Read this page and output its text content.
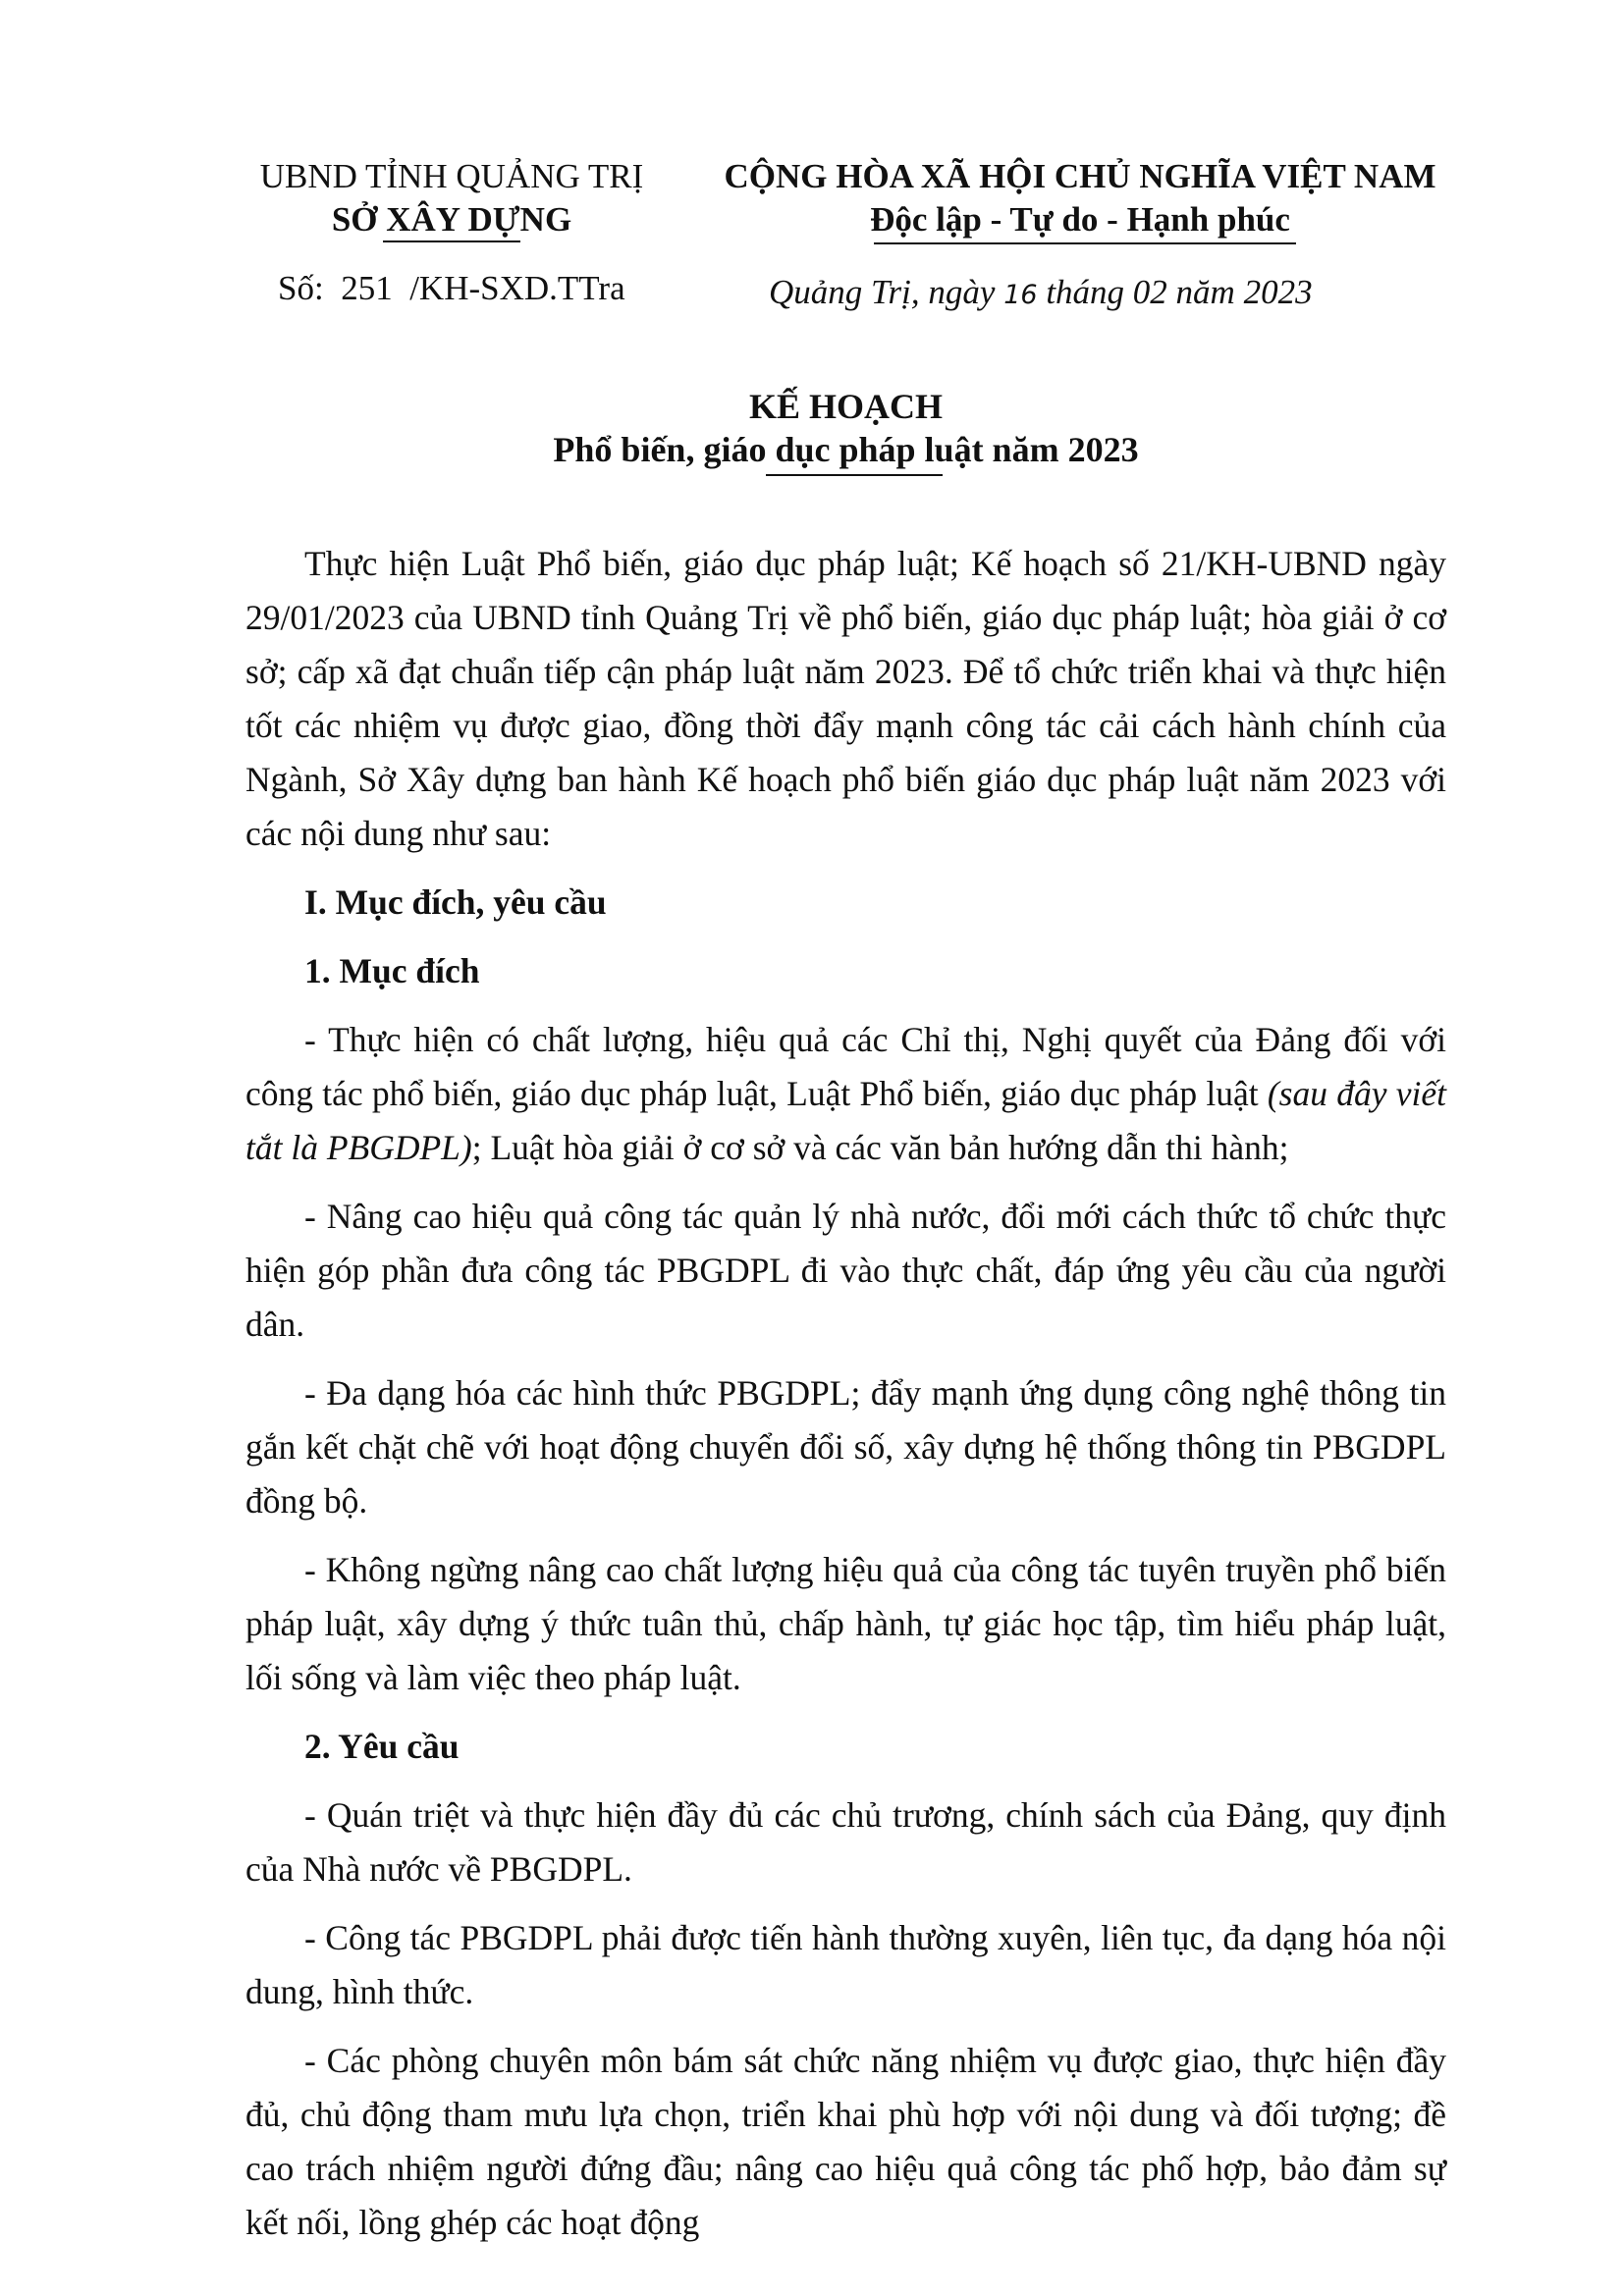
UBND TỈNH QUẢNG TRỊ
SỞ XÂY DỰNG
Số: 251 /KH-SXD.TTra
CỘNG HÒA XÃ HỘI CHỦ NGHĨA VIỆT NAM
Độc lập - Tự do - Hạnh phúc
Quảng Trị, ngày 16 tháng 02 năm 2023
KẾ HOẠCH
Phổ biến, giáo dục pháp luật năm 2023

Thực hiện Luật Phổ biến, giáo dục pháp luật; Kế hoạch số 21/KH-UBND ngày 29/01/2023 của UBND tỉnh Quảng Trị về phổ biến, giáo dục pháp luật; hòa giải ở cơ sở; cấp xã đạt chuẩn tiếp cận pháp luật năm 2023. Để tổ chức triển khai và thực hiện tốt các nhiệm vụ được giao, đồng thời đẩy mạnh công tác cải cách hành chính của Ngành, Sở Xây dựng ban hành Kế hoạch phổ biến giáo dục pháp luật năm 2023 với các nội dung như sau:

I. Mục đích, yêu cầu

1. Mục đích

- Thực hiện có chất lượng, hiệu quả các Chỉ thị, Nghị quyết của Đảng đối với công tác phổ biến, giáo dục pháp luật, Luật Phổ biến, giáo dục pháp luật (sau đây viết tắt là PBGDPL); Luật hòa giải ở cơ sở và các văn bản hướng dẫn thi hành;

- Nâng cao hiệu quả công tác quản lý nhà nước, đổi mới cách thức tổ chức thực hiện góp phần đưa công tác PBGDPL đi vào thực chất, đáp ứng yêu cầu của người dân.

- Đa dạng hóa các hình thức PBGDPL; đẩy mạnh ứng dụng công nghệ thông tin gắn kết chặt chẽ với hoạt động chuyển đổi số, xây dựng hệ thống thông tin PBGDPL đồng bộ.

- Không ngừng nâng cao chất lượng hiệu quả của công tác tuyên truyền phổ biến pháp luật, xây dựng ý thức tuân thủ, chấp hành, tự giác học tập, tìm hiểu pháp luật, lối sống và làm việc theo pháp luật.

2. Yêu cầu

- Quán triệt và thực hiện đầy đủ các chủ trương, chính sách của Đảng, quy định của Nhà nước về PBGDPL.

- Công tác PBGDPL phải được tiến hành thường xuyên, liên tục, đa dạng hóa nội dung, hình thức.

- Các phòng chuyên môn bám sát chức năng nhiệm vụ được giao, thực hiện đầy đủ, chủ động tham mưu lựa chọn, triển khai phù hợp với nội dung và đối tượng; đề cao trách nhiệm người đứng đầu; nâng cao hiệu quả công tác phố hợp, bảo đảm sự kết nối, lồng ghép các hoạt động
